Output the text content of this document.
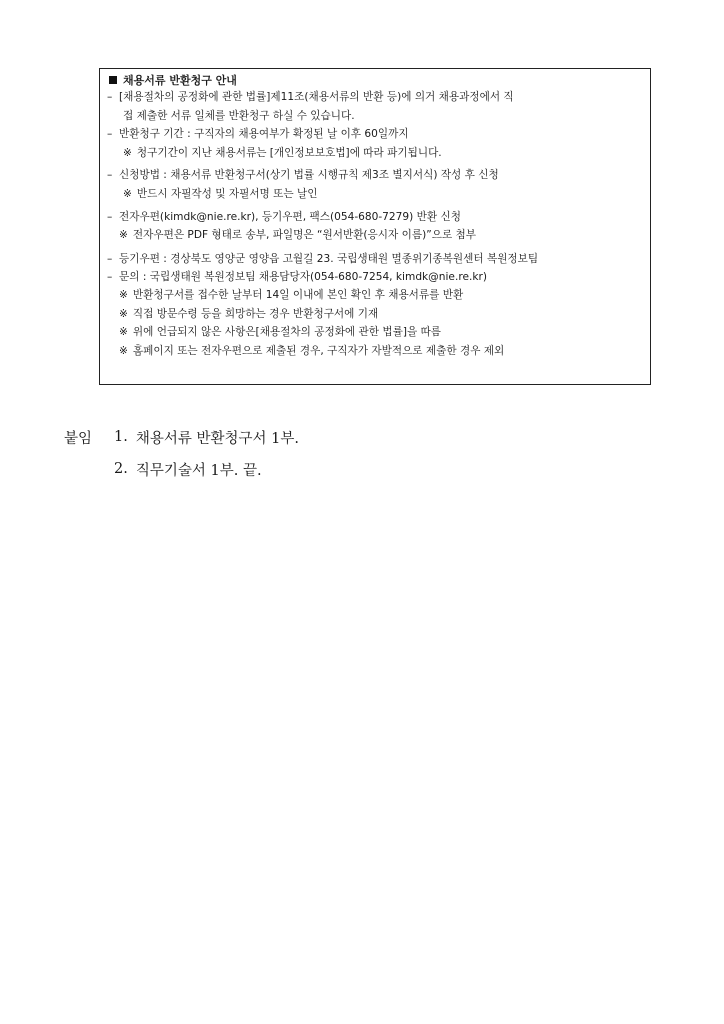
채용서류 반환청구 안내
– [채용절차의 공정화에 관한 법률]제11조(채용서류의 반환 등)에 의거 채용과정에서 직
접 제출한 서류 일체를 반환청구 하실 수 있습니다.
– 반환청구 기간 : 구직자의 채용여부가 확정된 날 이후 60일까지
※ 청구기간이 지난 채용서류는 [개인정보보호법]에 따라 파기됩니다.
– 신청방법 : 채용서류 반환청구서(상기 법률 시행규칙 제3조 별지서식) 작성 후 신청
※ 반드시 자필작성 및 자필서명 또는 날인
– 전자우편(kimdk@nie.re.kr), 등기우편, 팩스(054-680-7279) 반환 신청
※ 전자우편은 PDF 형태로 송부, 파일명은 “원서반환(응시자 이름)”으로 첨부
– 등기우편 : 경상북도 영양군 영양읍 고월길 23. 국립생태원 멸종위기종복원센터 복원정보팀
– 문의 : 국립생태원 복원정보팀 채용담당자(054-680-7254, kimdk@nie.re.kr)
※ 반환청구서를 접수한 날부터 14일 이내에 본인 확인 후 채용서류를 반환
※ 직접 방문수령 등을 희망하는 경우 반환청구서에 기재
※ 위에 언급되지 않은 사항은[채용절차의 공정화에 관한 법률]을 따름
※ 홈페이지 또는 전자우편으로 제출된 경우, 구직자가 자발적으로 제출한 경우 제외
붙임	1. 채용서류 반환청구서 1부.
2. 직무기술서 1부. 끝.
